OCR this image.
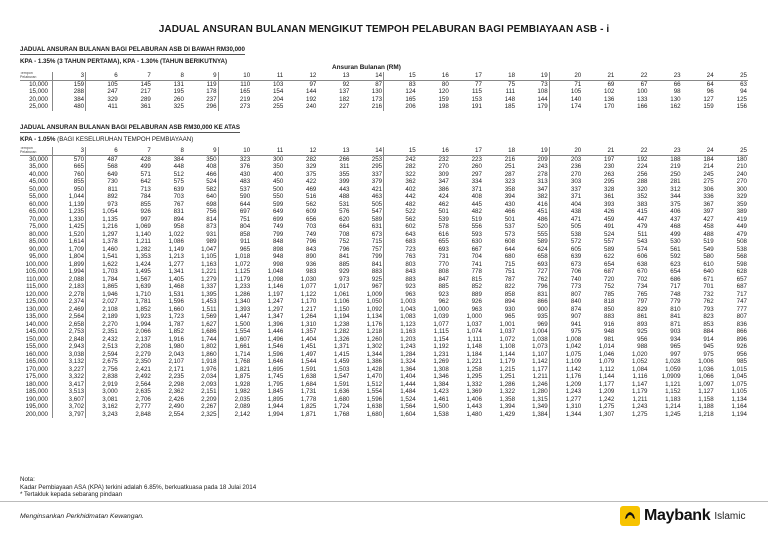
JADUAL ANSURAN BULANAN MENGIKUT TEMPOH PELABURAN BAGI PEMBIAYAAN ASB - i
JADUAL ANSURAN BULANAN BAGI PELABURAN ASB DI BAWAH RM30,000
KPA - 1.35% (3 TAHUN PERTAMA), KPA - 1.30% (TAHUN BERIKUTNYA)
Ansuran Bulanan (RM)
Tempoh
Pelaburan	3	6	7	8	9	10	11	12	13	14	15	16	17	18	19	20	21	22	23	24	25
10,000	159	105	145	131	119	110	103	97	92	87	83	80	77	75	73	71	69	67	66	64	63
15,000	288	247	217	195	178	165	154	144	137	130	124	120	115	111	108	105	102	100	98	96	94
20,000	384	329	289	260	237	219	204	192	182	173	165	159	153	148	144	140	136	133	130	127	125
25,000	480	411	361	325	296	273	255	240	227	216	206	198	191	185	179	174	170	166	162	159	156
JADUAL ANSURAN BULANAN BAGI PELABURAN ASB RM30,000 KE ATAS
KPA - 1.05% (BAGI KESELURUHAN TEMPOH PEMBIAYAAN)
Tempoh
Pelaburan	3	6	7	8	9	10	11	12	13	14	15	16	17	18	19	20	21	22	23	24	25
30,000	570	487	428	384	350	323	300	282	266	253	242	232	223	216	209	203	197	192	188	184	180
35,000	665	568	499	448	408	376	350	329	311	295	282	270	260	251	243	236	230	224	219	214	210
40,000	760	649	571	512	466	430	400	375	355	337	322	309	297	287	278	270	263	256	250	245	240
45,000	855	730	642	575	524	483	450	422	399	379	362	347	334	323	313	303	295	288	281	275	270
50,000	950	811	713	639	582	537	500	469	443	421	402	386	371	358	347	337	328	320	312	306	300
55,000	1,044	892	784	703	640	590	550	516	488	463	442	424	408	394	382	371	361	352	344	336	329
60,000	1,139	973	855	767	698	644	599	562	531	505	482	462	445	430	416	404	393	383	375	367	359
65,000	1,235	1,054	926	831	756	697	649	609	576	547	522	501	482	466	451	438	426	415	406	397	389
70,000	1,330	1,135	997	894	814	751	699	656	620	589	562	539	519	501	486	471	459	447	437	427	419
75,000	1,425	1,216	1,069	958	873	804	749	703	664	631	602	578	556	537	520	505	491	479	468	458	449
80,000	1,520	1,297	1,140	1,022	931	858	799	749	708	673	643	616	593	573	555	538	524	511	499	488	479
85,000	1,614	1,378	1,211	1,086	989	911	848	796	752	715	683	655	630	608	589	572	557	543	530	519	508
90,000	1,709	1,460	1,282	1,149	1,047	965	898	843	796	757	723	693	667	644	624	605	589	574	561	549	538
95,000	1,804	1,541	1,353	1,213	1,105	1,018	948	890	841	799	763	731	704	680	658	639	622	606	592	580	568
100,000	1,899	1,622	1,424	1,277	1,163	1,072	998	936	885	841	803	770	741	715	693	673	654	638	623	610	598
105,000	1,994	1,703	1,495	1,341	1,221	1,125	1,048	983	929	883	843	808	778	751	727	706	687	670	654	640	628
110,000	2,088	1,784	1,567	1,405	1,279	1,179	1,098	1,030	973	925	883	847	815	787	762	740	720	702	686	671	657
115,000	2,183	1,865	1,639	1,468	1,337	1,233	1,146	1,077	1,017	967	923	885	852	822	796	773	752	734	717	701	687
120,000	2,278	1,946	1,710	1,531	1,395	1,286	1,197	1,122	1,061	1,009	963	923	889	858	831	807	785	765	748	732	717
125,000	2,374	2,027	1,781	1,596	1,453	1,340	1,247	1,170	1,106	1,050	1,003	962	926	894	866	840	818	797	779	762	747
130,000	2,469	2,108	1,852	1,660	1,511	1,393	1,297	1,217	1,150	1,092	1,043	1,000	963	930	900	874	850	829	810	793	777
135,000	2,564	2,189	1,923	1,723	1,569	1,447	1,347	1,264	1,194	1,134	1,083	1,039	1,000	965	935	907	883	861	841	823	807
140,000	2,658	2,270	1,994	1,787	1,627	1,500	1,396	1,310	1,238	1,176	1,123	1,077	1,037	1,001	969	941	916	893	871	853	836
145,000	2,753	2,351	2,066	1,852	1,686	1,554	1,446	1,357	1,282	1,218	1,163	1,115	1,074	1,037	1,004	975	948	925	903	884	866
150,000	2,848	2,432	2,137	1,916	1,744	1,607	1,496	1,404	1,326	1,260	1,203	1,154	1,111	1,072	1,038	1,008	981	956	934	914	896
155,000	2,943	2,513	2,208	1,980	1,802	1,661	1,546	1,451	1,371	1,302	1,243	1,192	1,148	1,108	1,073	1,042	1,014	988	965	945	926
160,000	3,038	2,594	2,279	2,043	1,860	1,714	1,596	1,497	1,415	1,344	1,284	1,231	1,184	1,144	1,107	1,075	1,046	1,020	997	975	956
165,000	3,132	2,675	2,350	2,107	1,918	1,768	1,646	1,544	1,459	1,386	1,324	1,269	1,221	1,179	1,142	1,109	1,079	1,052	1,028	1,006	985
170,000	3,227	2,756	2,421	2,171	1,976	1,821	1,695	1,591	1,503	1,428	1,364	1,308	1,258	1,215	1,177	1,142	1,112	1,084	1,059	1,036	1,015
175,000	3,322	2,838	2,492	2,235	2,034	1,875	1,745	1,638	1,547	1,470	1,404	1,346	1,295	1,251	1,211	1,176	1,144	1,116	1,0909	1,066	1,045
180,000	3,417	2,919	2,564	2,298	2,093	1,928	1,795	1,684	1,591	1,512	1,444	1,384	1,332	1,286	1,246	1,209	1,177	1,147	1,121	1,097	1,075
185,000	3,513	3,000	2,635	2,362	2,151	1,982	1,845	1,731	1,636	1,554	1,484	1,423	1,369	1,322	1,280	1,243	1,209	1,179	1,152	1,127	1,105
190,000	3,607	3,081	2,706	2,426	2,209	2,035	1,895	1,778	1,680	1,596	1,524	1,461	1,406	1,358	1,315	1,277	1,242	1,211	1,183	1,158	1,134
195,000	3,702	3,162	2,777	2,490	2,267	2,089	1,944	1,825	1,724	1,638	1,564	1,500	1,443	1,394	1,349	1,310	1,275	1,243	1,214	1,188	1,164
200,000	3,797	3,243	2,848	2,554	2,325	2,142	1,994	1,871	1,768	1,680	1,604	1,538	1,480	1,429	1,384	1,344	1,307	1,275	1,245	1,218	1,194
Nota:
Kadar Pembiayaan ASA (KPA) terkini adalah 6.85%, berkuatkuasa pada 18 Julai 2014
* Tertakluk kepada sebarang pindaan
Menginsankan Perkhidmatan Kewangan.	Maybank Islamic
